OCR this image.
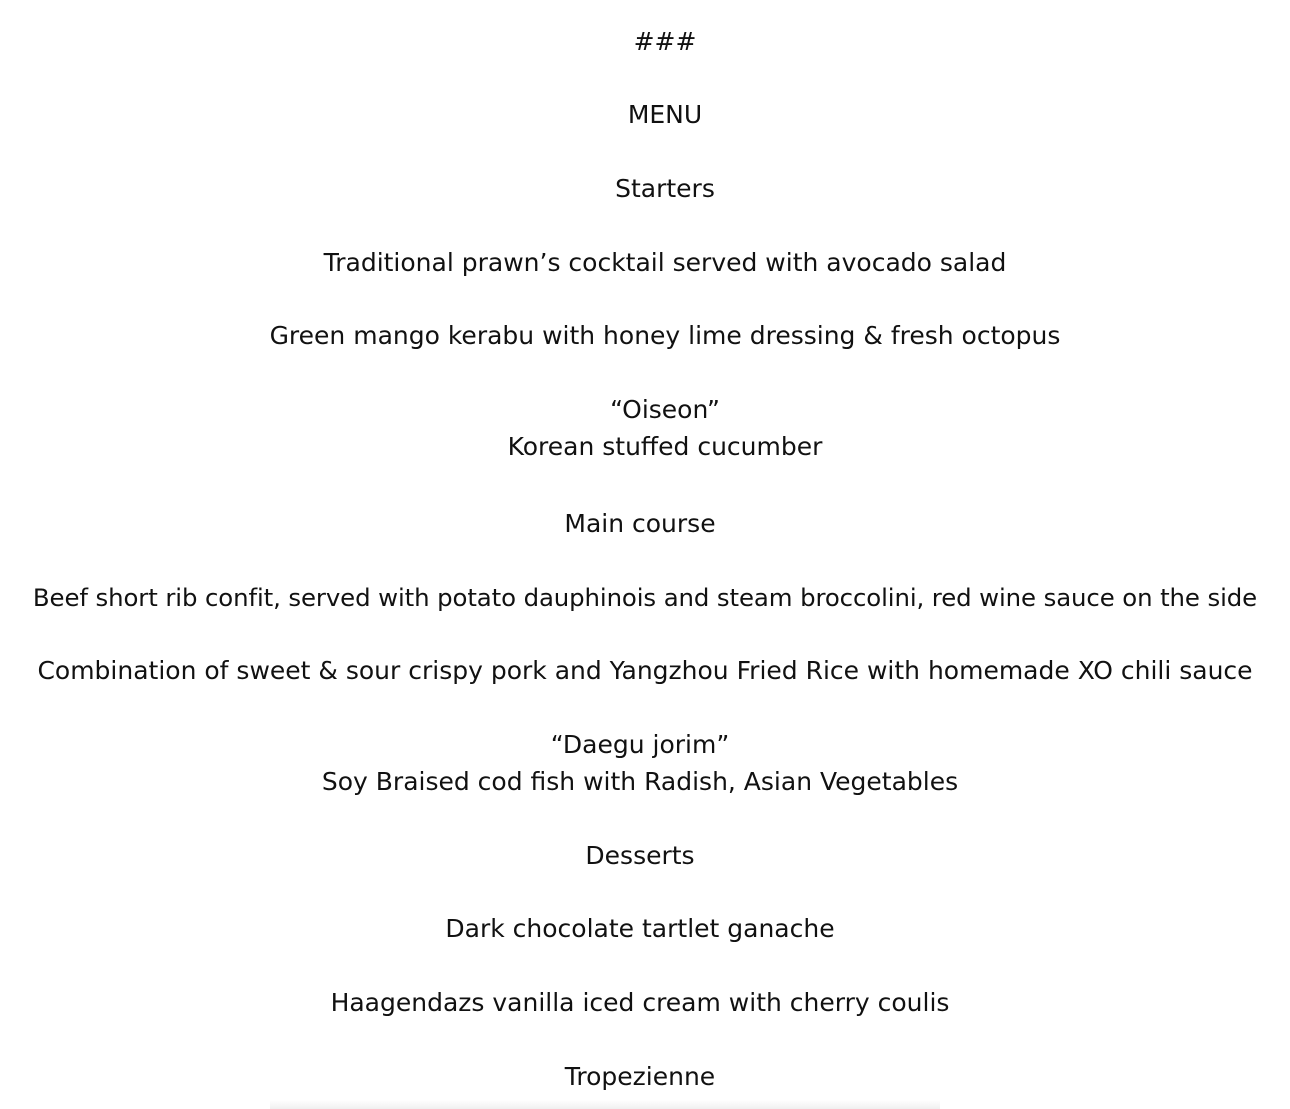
###
MENU
Starters
Traditional prawn’s cocktail served with avocado salad
Green mango kerabu with honey lime dressing & fresh octopus
“Oiseon”
Korean stuffed cucumber
Main course
Beef short rib confit, served with potato dauphinois and steam broccolini, red wine sauce on the side
Combination of sweet & sour crispy pork and Yangzhou Fried Rice with homemade XO chili sauce
“Daegu jorim”
Soy Braised cod fish with Radish, Asian Vegetables
Desserts
Dark chocolate tartlet ganache
Haagendazs vanilla iced cream with cherry coulis
Tropezienne
